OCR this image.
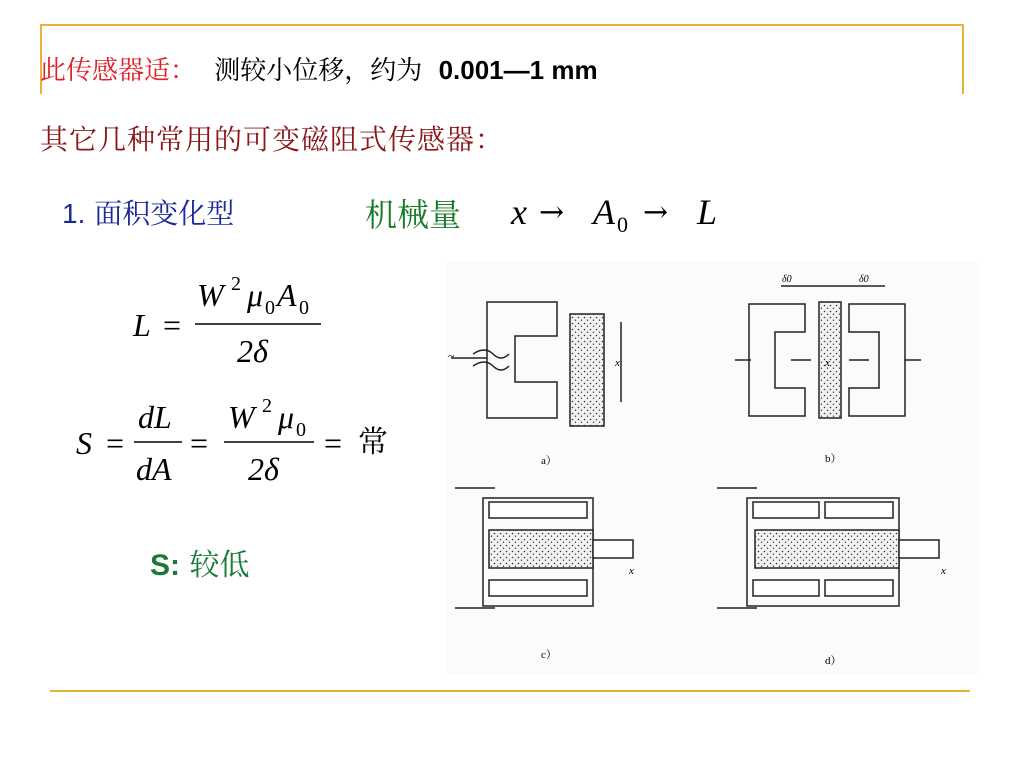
此传感器适： 测较小位移，约为 0.001—1 mm
其它几种常用的可变磁阻式传感器：
1. 面积变化型	机械量 x → A 0 → L
L =
W 2 μ 0 A 0
2δ
S =
dL
dA
=
W 2 μ 0
2δ
= 常
S: 较低
x
~
a）
δ0	δ0
x
b）
x
c）
x
d）
